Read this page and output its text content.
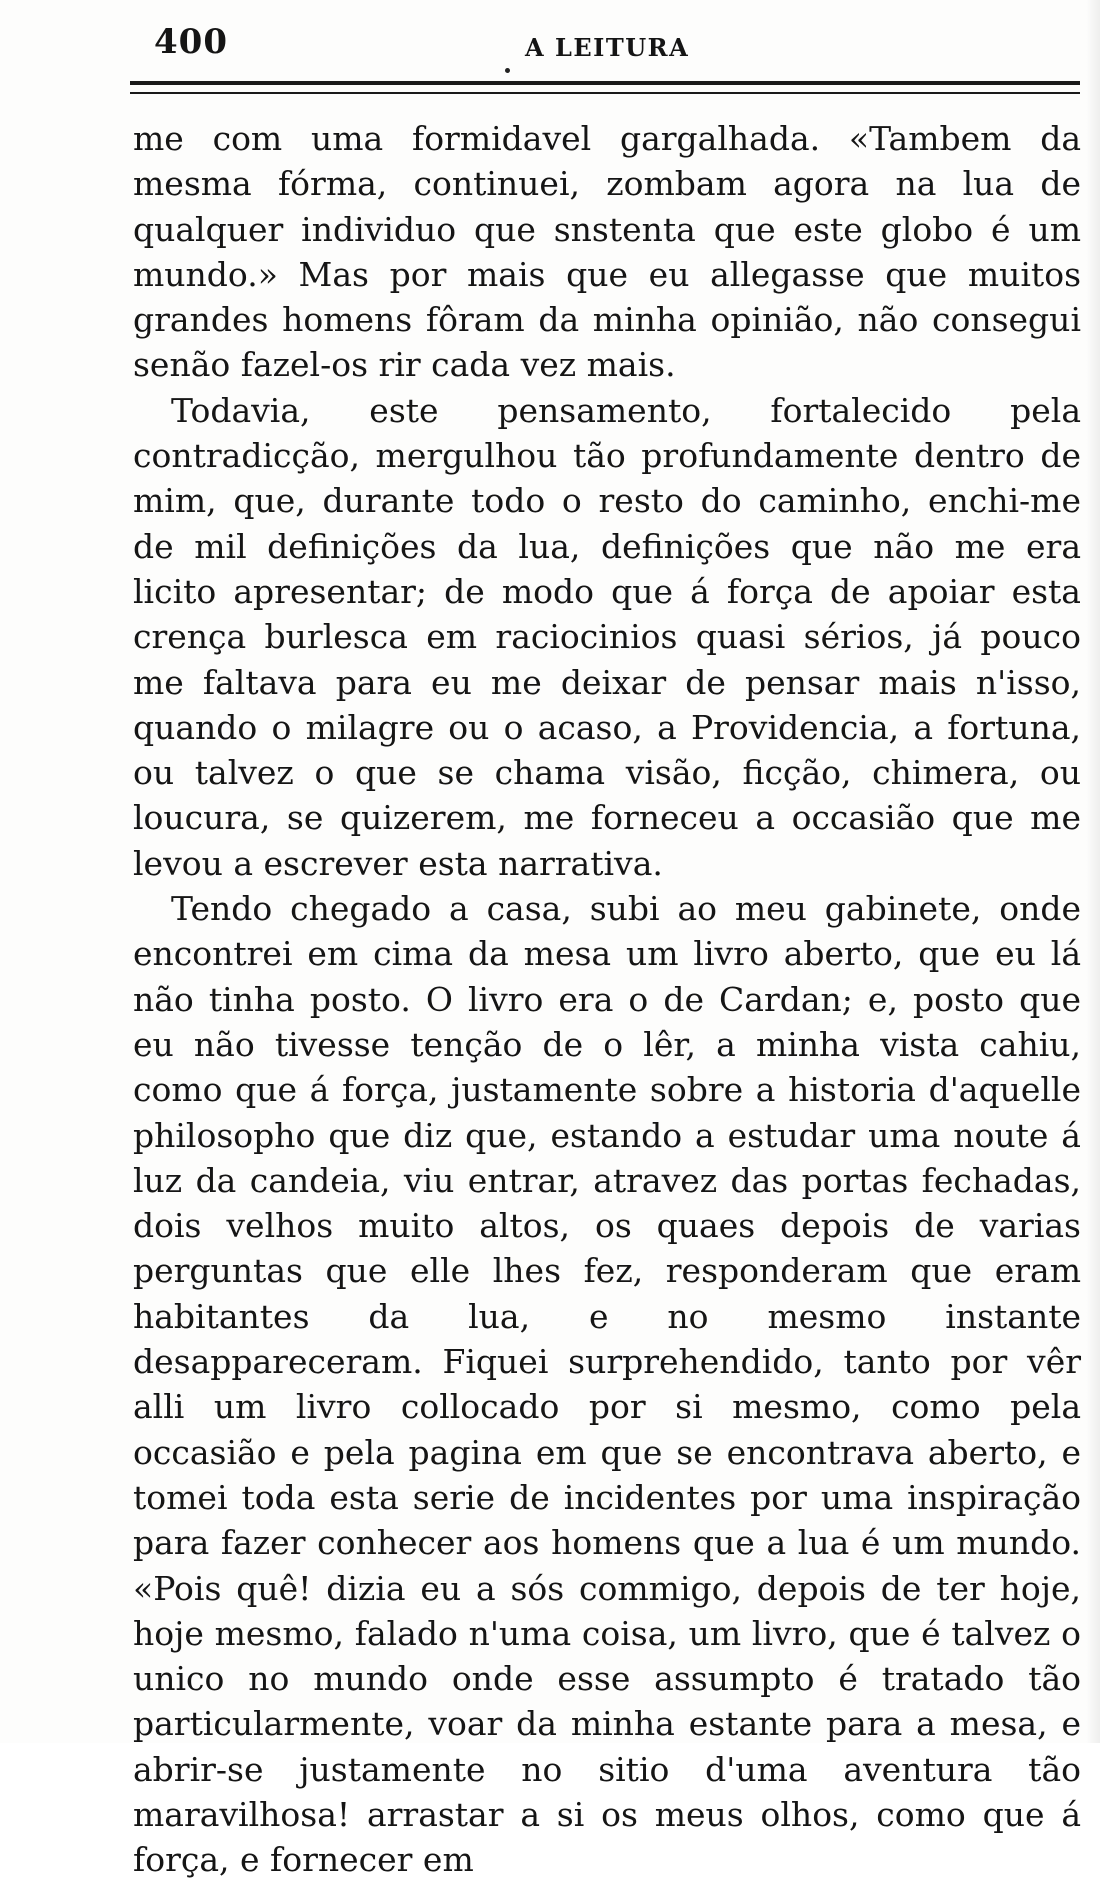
400	A LEITURA

me com uma formidavel gargalhada. «Tambem da mesma fórma, continuei, zombam agora na lua de qualquer individuo que snstenta que este globo é um mundo.» Mas por mais que eu allegasse que muitos grandes homens fôram da minha opinião, não consegui senão fazel-os rir cada vez mais.

Todavia, este pensamento, fortalecido pela contradicção, mergulhou tão profundamente dentro de mim, que, durante todo o resto do caminho, enchi-me de mil definições da lua, definições que não me era licito apresentar; de modo que á força de apoiar esta crença burlesca em raciocinios quasi sérios, já pouco me faltava para eu me deixar de pensar mais n'isso, quando o milagre ou o acaso, a Providencia, a fortuna, ou talvez o que se chama visão, ficção, chimera, ou loucura, se quizerem, me forneceu a occasião que me levou a escrever esta narrativa.

Tendo chegado a casa, subi ao meu gabinete, onde encontrei em cima da mesa um livro aberto, que eu lá não tinha posto. O livro era o de Cardan; e, posto que eu não tivesse tenção de o lêr, a minha vista cahiu, como que á força, justamente sobre a historia d'aquelle philosopho que diz que, estando a estudar uma noute á luz da candeia, viu entrar, atravez das portas fechadas, dois velhos muito altos, os quaes depois de varias perguntas que elle lhes fez, responderam que eram habitantes da lua, e no mesmo instante desappareceram. Fiquei surprehendido, tanto por vêr alli um livro collocado por si mesmo, como pela occasião e pela pagina em que se encontrava aberto, e tomei toda esta serie de incidentes por uma inspiração para fazer conhecer aos homens que a lua é um mundo. «Pois quê! dizia eu a sós commigo, depois de ter hoje, hoje mesmo, falado n'uma coisa, um livro, que é talvez o unico no mundo onde esse assumpto é tratado tão particularmente, voar da minha estante para a mesa, e abrir-se justamente no sitio d'uma aventura tão maravilhosa! arrastar a si os meus olhos, como que á força, e fornecer em
